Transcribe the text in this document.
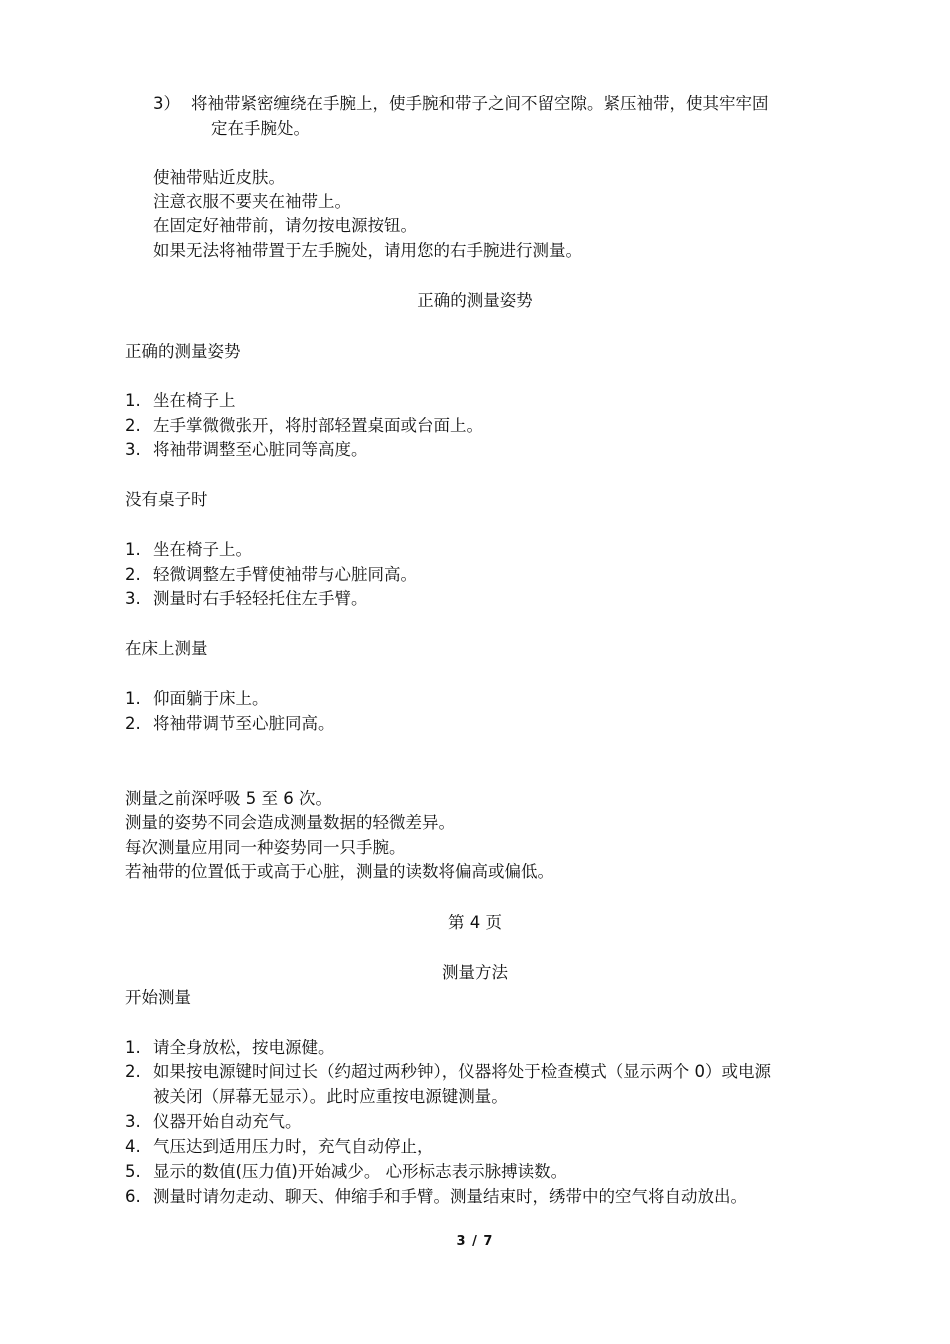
3） 将袖带紧密缠绕在手腕上，使手腕和带子之间不留空隙。紧压袖带，使其牢牢固
定在手腕处。
使袖带贴近皮肤。
注意衣服不要夹在袖带上。
在固定好袖带前，请勿按电源按钮。
如果无法将袖带置于左手腕处，请用您的右手腕进行测量。
正确的测量姿势
正确的测量姿势
1. 坐在椅子上
2. 左手掌微微张开，将肘部轻置桌面或台面上。
3. 将袖带调整至心脏同等高度。
没有桌子时
1. 坐在椅子上。
2. 轻微调整左手臂使袖带与心脏同高。
3. 测量时右手轻轻托住左手臂。
在床上测量
1. 仰面躺于床上。
2. 将袖带调节至心脏同高。
测量之前深呼吸 5 至 6 次。
测量的姿势不同会造成测量数据的轻微差异。
每次测量应用同一种姿势同一只手腕。
若袖带的位置低于或高于心脏，测量的读数将偏高或偏低。
第 4 页
测量方法
开始测量
1. 请全身放松，按电源健。
2. 如果按电源键时间过长（约超过两秒钟），仪器将处于检查模式（显示两个 0）或电源
被关闭（屏幕无显示）。此时应重按电源键测量。
3. 仪器开始自动充气。
4. 气压达到适用压力时，充气自动停止，
5. 显示的数值(压力值)开始减少。 心形标志表示脉搏读数。
6. 测量时请勿走动、聊天、伸缩手和手臂。测量结束时，绣带中的空气将自动放出。
3 / 7
